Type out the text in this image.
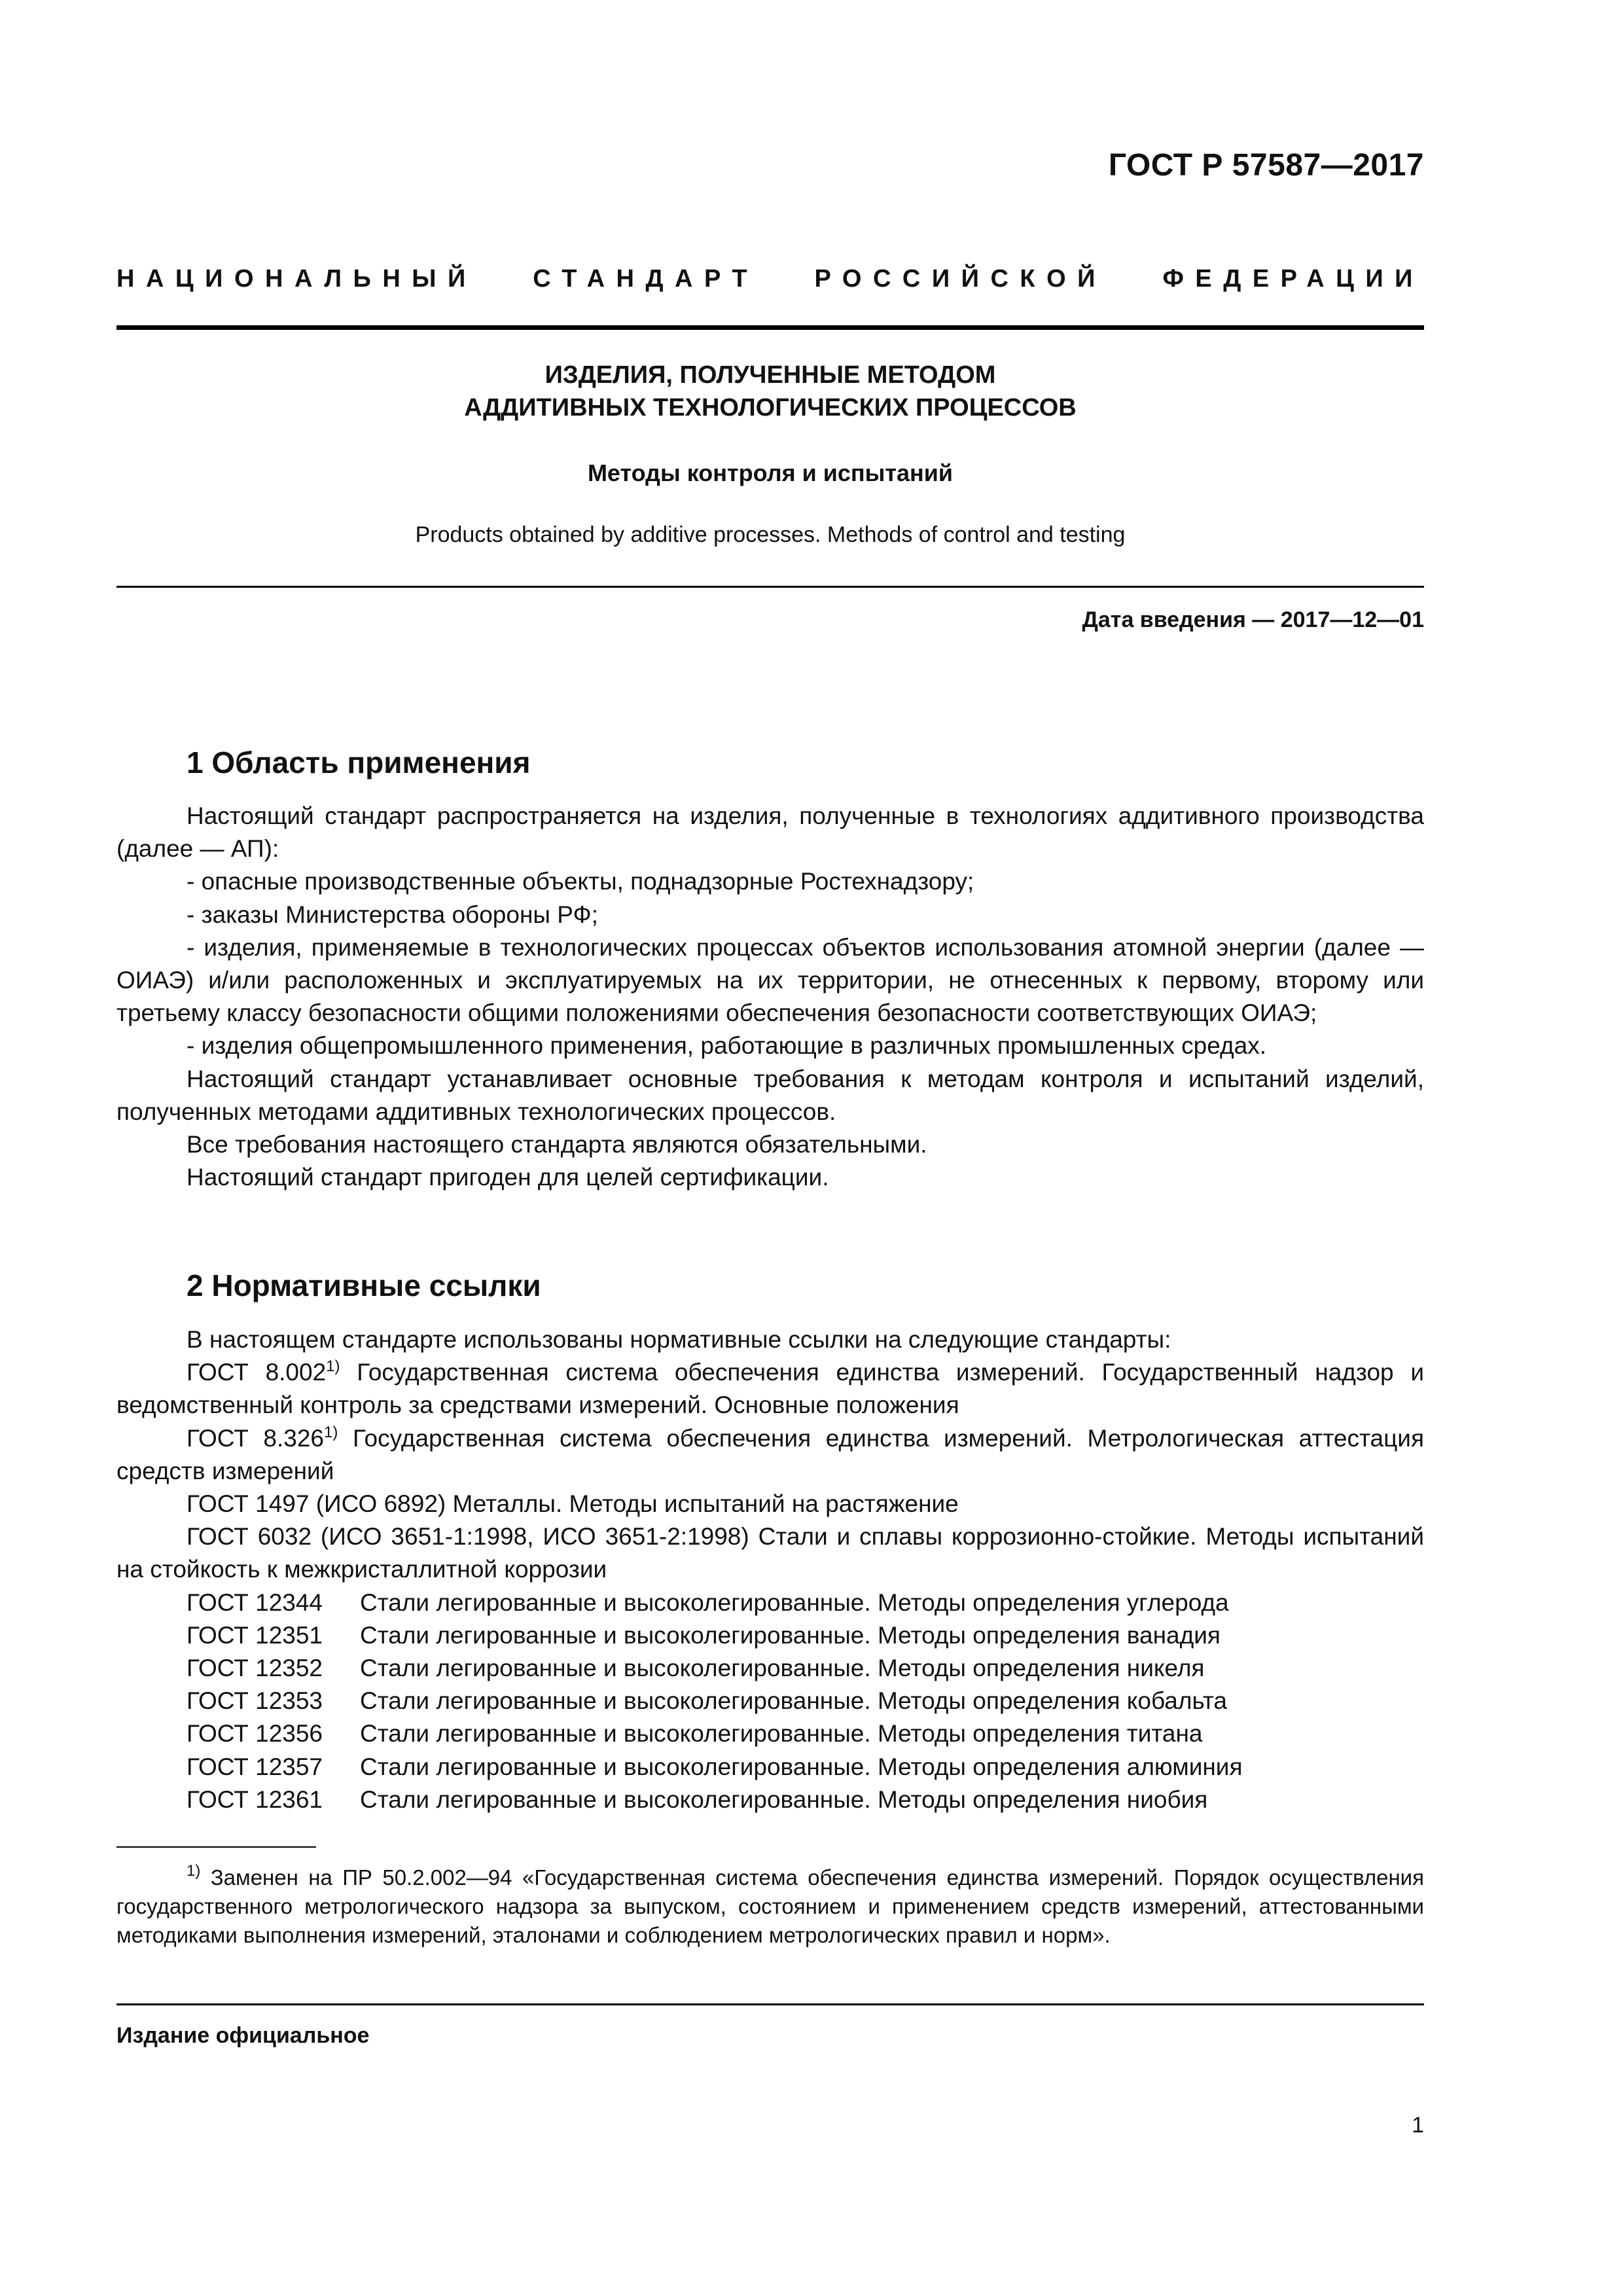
ГОСТ Р 57587—2017
НАЦИОНАЛЬНЫЙ СТАНДАРТ РОССИЙСКОЙ ФЕДЕРАЦИИ
ИЗДЕЛИЯ, ПОЛУЧЕННЫЕ МЕТОДОМ
АДДИТИВНЫХ ТЕХНОЛОГИЧЕСКИХ ПРОЦЕССОВ
Методы контроля и испытаний
Products obtained by additive processes. Methods of control and testing
Дата введения — 2017—12—01
1 Область применения

Настоящий стандарт распространяется на изделия, полученные в технологиях аддитивного производства (далее — АП):

- опасные производственные объекты, поднадзорные Ростехнадзору;

- заказы Министерства обороны РФ;

- изделия, применяемые в технологических процессах объектов использования атомной энергии (далее — ОИАЭ) и/или расположенных и эксплуатируемых на их территории, не отнесенных к первому, второму или третьему классу безопасности общими положениями обеспечения безопасности соответствующих ОИАЭ;

- изделия общепромышленного применения, работающие в различных промышленных средах.

Настоящий стандарт устанавливает основные требования к методам контроля и испытаний изделий, полученных методами аддитивных технологических процессов.

Все требования настоящего стандарта являются обязательными.

Настоящий стандарт пригоден для целей сертификации.

2 Нормативные ссылки

В настоящем стандарте использованы нормативные ссылки на следующие стандарты:

ГОСТ 8.002$^{1)}$ Государственная система обеспечения единства измерений. Государственный надзор и ведомственный контроль за средствами измерений. Основные положения

ГОСТ 8.326$^{1)}$ Государственная система обеспечения единства измерений. Метрологическая аттестация средств измерений

ГОСТ 1497 (ИСО 6892) Металлы. Методы испытаний на растяжение

ГОСТ 6032 (ИСО 3651-1:1998, ИСО 3651-2:1998) Стали и сплавы коррозионно-стойкие. Методы испытаний на стойкость к межкристаллитной коррозии

ГОСТ 12344	Стали легированные и высоколегированные. Методы определения углерода
ГОСТ 12351	Стали легированные и высоколегированные. Методы определения ванадия
ГОСТ 12352	Стали легированные и высоколегированные. Методы определения никеля
ГОСТ 12353	Стали легированные и высоколегированные. Методы определения кобальта
ГОСТ 12356	Стали легированные и высоколегированные. Методы определения титана
ГОСТ 12357	Стали легированные и высоколегированные. Методы определения алюминия
ГОСТ 12361	Стали легированные и высоколегированные. Методы определения ниобия

$^{1)}$ Заменен на ПР 50.2.002—94 «Государственная система обеспечения единства измерений. Порядок осуществления государственного метрологического надзора за выпуском, состоянием и применением средств измерений, аттестованными методиками выполнения измерений, эталонами и соблюдением метрологических правил и норм».

Издание официальное
1
